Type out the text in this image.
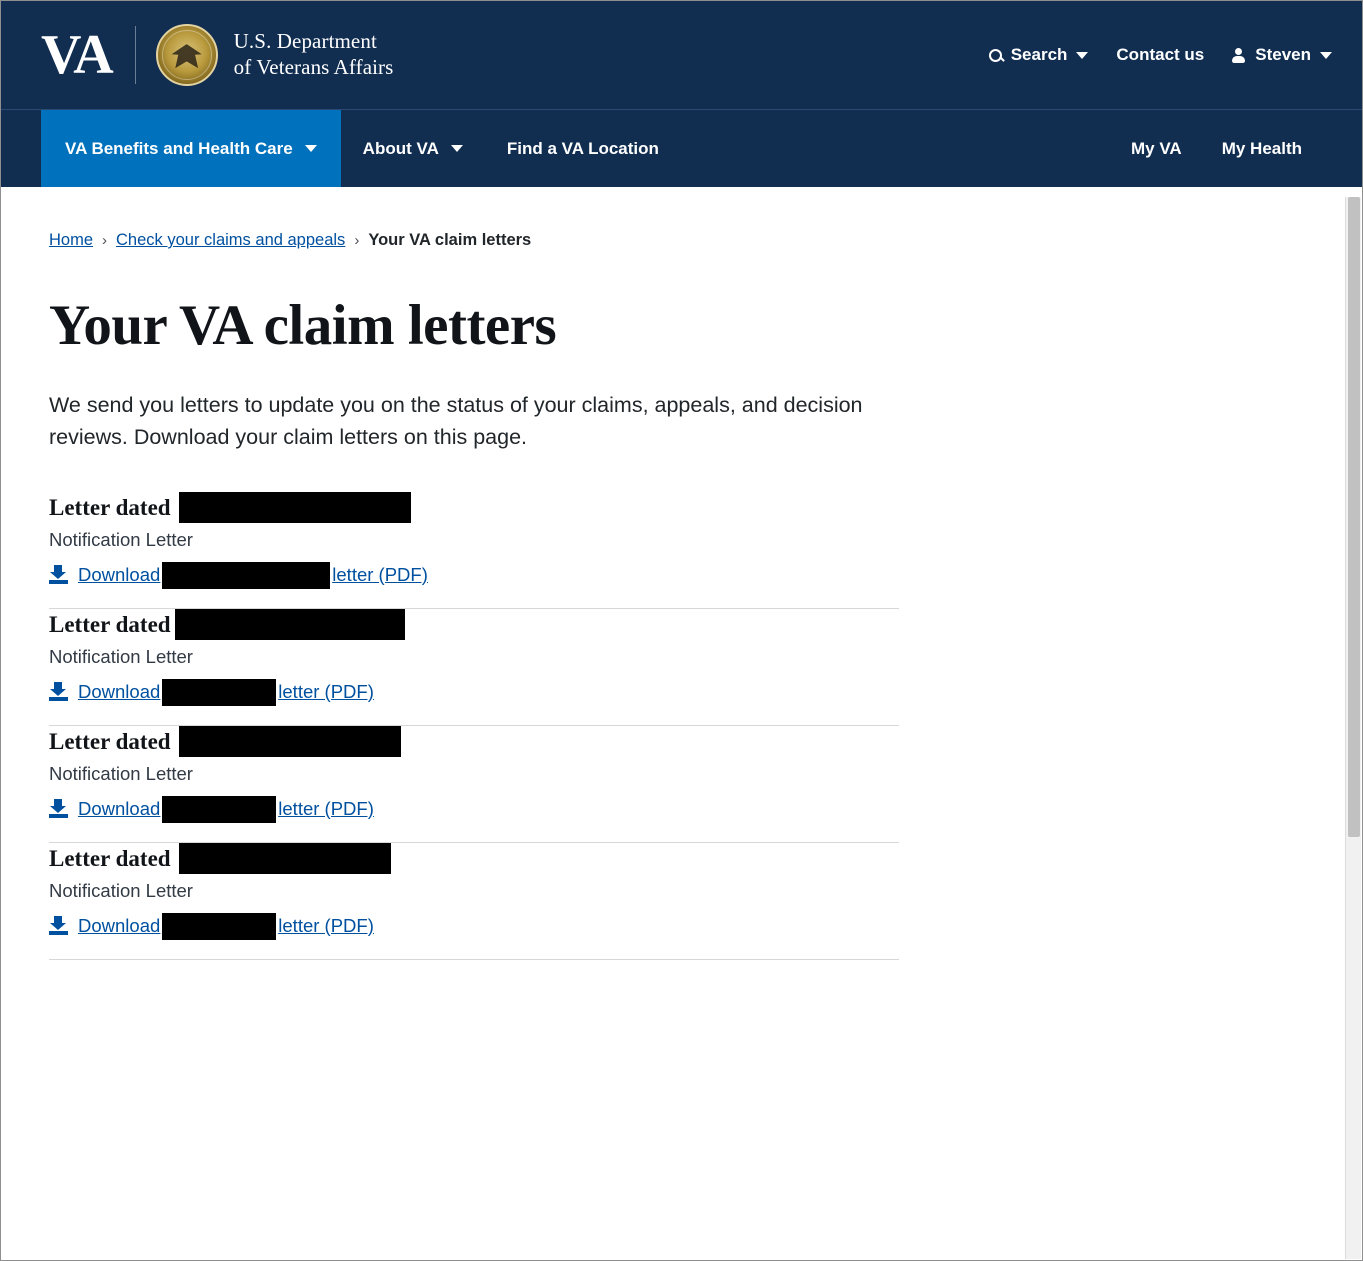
VA	U.S. Department
of Veterans Affairs
Search	Contact us	Steven
VA Benefits and Health Care	About VA	Find a VA Location	My VA My Health
Home › Check your claims and appeals › Your VA claim letters
Your VA claim letters

We send you letters to update you on the status of your claims, appeals, and decision reviews. Download your claim letters on this page.

Letter dated
Notification Letter
Download	letter (PDF)
Letter dated
Notification Letter
Download	letter (PDF)
Letter dated
Notification Letter
Download	letter (PDF)
Letter dated
Notification Letter
Download	letter (PDF)
